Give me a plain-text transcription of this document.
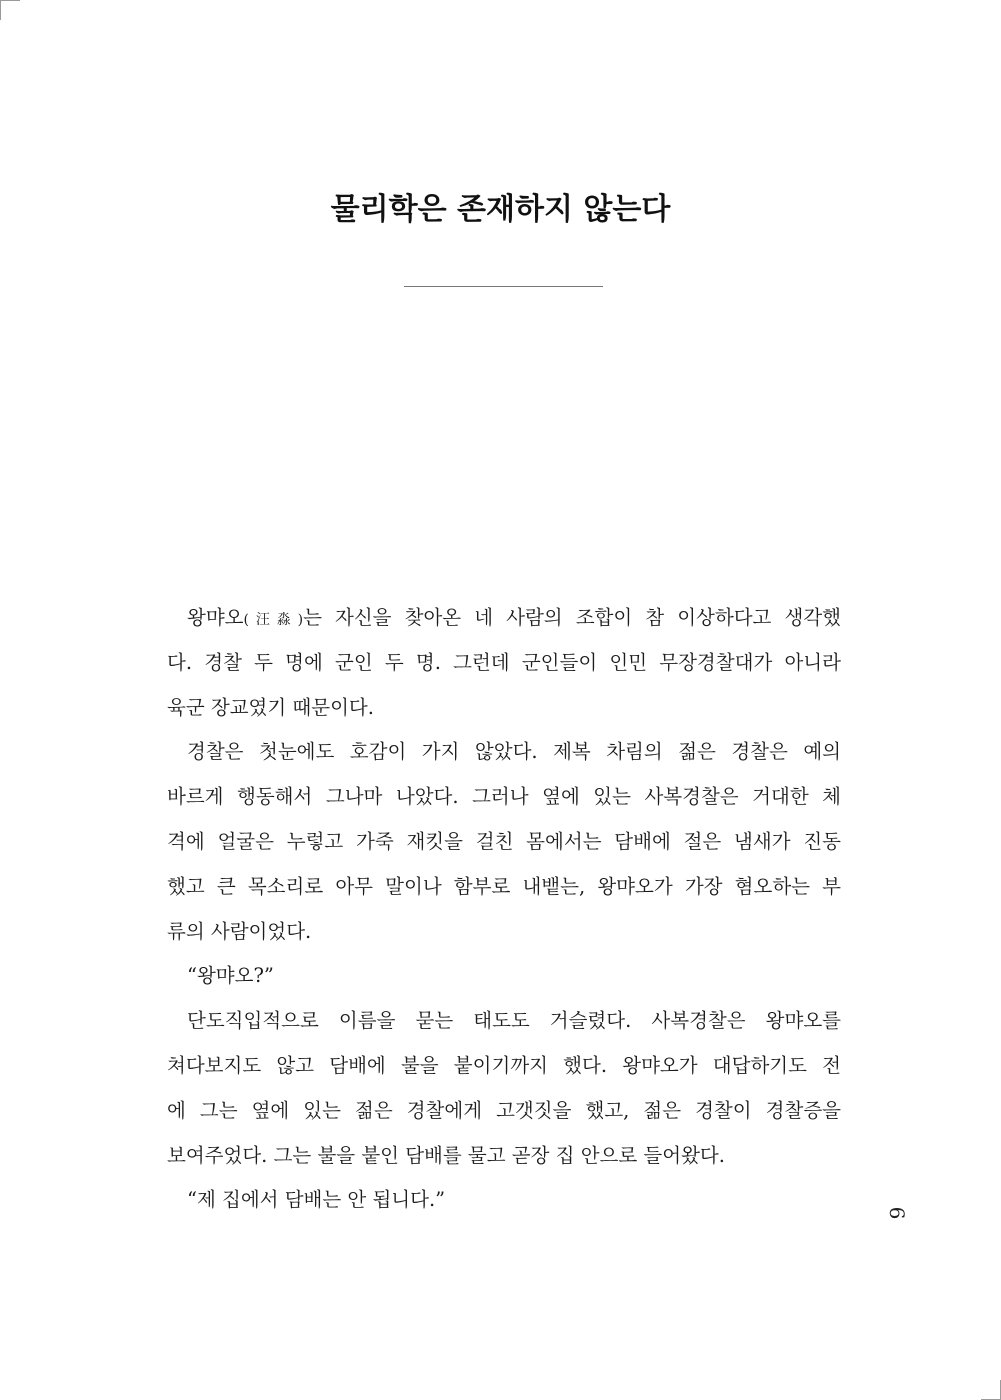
물리학은 존재하지 않는다
왕먀오(汪淼)는 자신을 찾아온 네 사람의 조합이 참 이상하다고 생각했
다. 경찰 두 명에 군인 두 명. 그런데 군인들이 인민 무장경찰대가 아니라
육군 장교였기 때문이다.
경찰은 첫눈에도 호감이 가지 않았다. 제복 차림의 젊은 경찰은 예의
바르게 행동해서 그나마 나았다. 그러나 옆에 있는 사복경찰은 거대한 체
격에 얼굴은 누렇고 가죽 재킷을 걸친 몸에서는 담배에 절은 냄새가 진동
했고 큰 목소리로 아무 말이나 함부로 내뱉는, 왕먀오가 가장 혐오하는 부
류의 사람이었다.
“왕먀오?”
단도직입적으로 이름을 묻는 태도도 거슬렸다. 사복경찰은 왕먀오를
쳐다보지도 않고 담배에 불을 붙이기까지 했다. 왕먀오가 대답하기도 전
에 그는 옆에 있는 젊은 경찰에게 고갯짓을 했고, 젊은 경찰이 경찰증을
보여주었다. 그는 불을 붙인 담배를 물고 곧장 집 안으로 들어왔다.
“제 집에서 담배는 안 됩니다.”
6
